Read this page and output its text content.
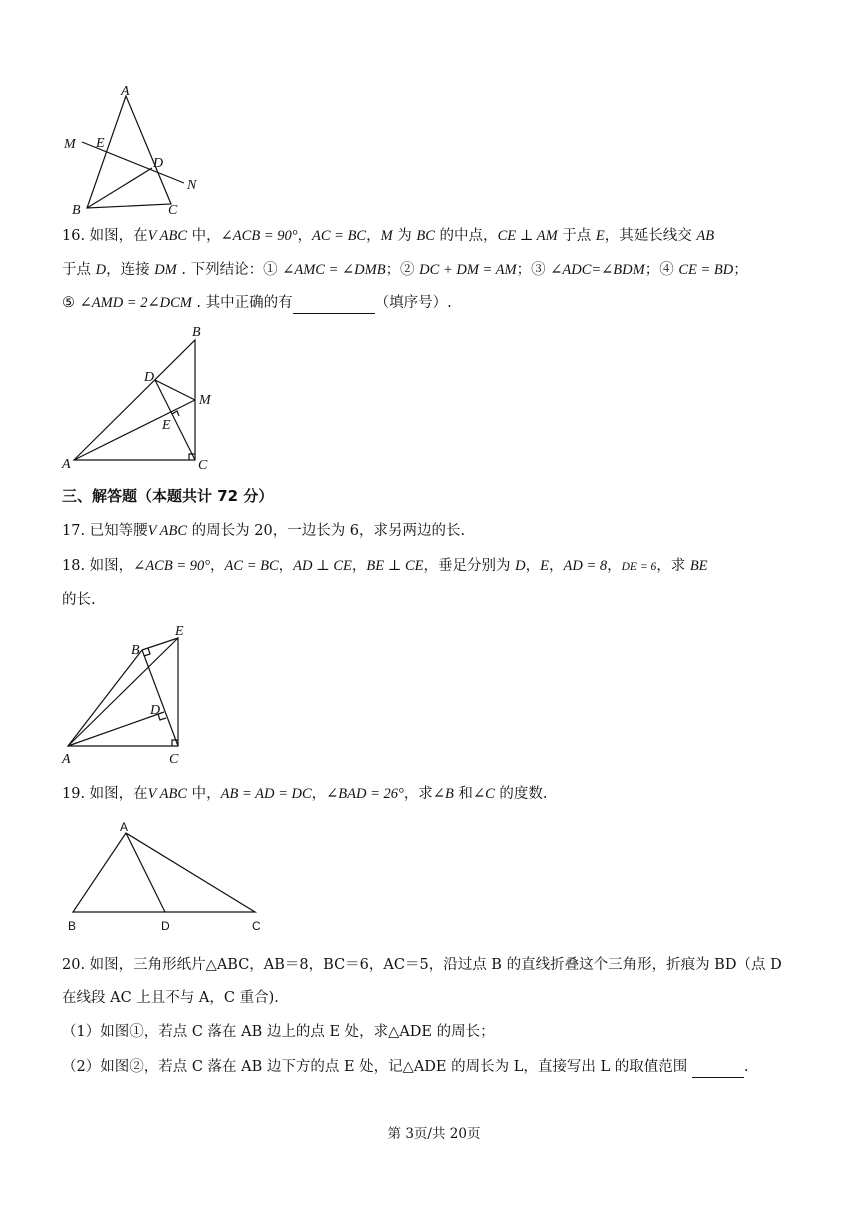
A
M E
D
N
B	C
16. 如图，在V ABC 中，∠ACB = 90°，AC = BC，M 为 BC 的中点，CE ⊥ AM 于点 E，其延长线交 AB
于点 D，连接 DM . 下列结论：① ∠AMC = ∠DMB；② DC + DM = AM；③ ∠ADC=∠BDM；④ CE = BD；
⑤ ∠AMD = 2∠DCM . 其中正确的有	（填序号）.
B
D
M
E
A	C
三、解答题（本题共计 72 分）
17. 已知等腰V ABC 的周长为 20，一边长为 6，求另两边的长.
18. 如图，∠ACB = 90°，AC = BC，AD ⊥ CE，BE ⊥ CE，垂足分别为 D，E，AD = 8，DE = 6，求 BE
的长.
B
E
D
A	C
19. 如图，在V ABC 中，AB = AD = DC，∠BAD = 26°，求∠B 和∠C 的度数.
A
B	D	C
20. 如图，三角形纸片△ABC，AB＝8，BC＝6，AC＝5，沿过点 B 的直线折叠这个三角形，折痕为 BD（点 D
在线段 AC 上且不与 A，C 重合).
（1）如图①，若点 C 落在 AB 边上的点 E 处，求△ADE 的周长；
（2）如图②，若点 C 落在 AB 边下方的点 E 处，记△ADE 的周长为 L，直接写出 L 的取值范围	.
第 3页/共 20页
